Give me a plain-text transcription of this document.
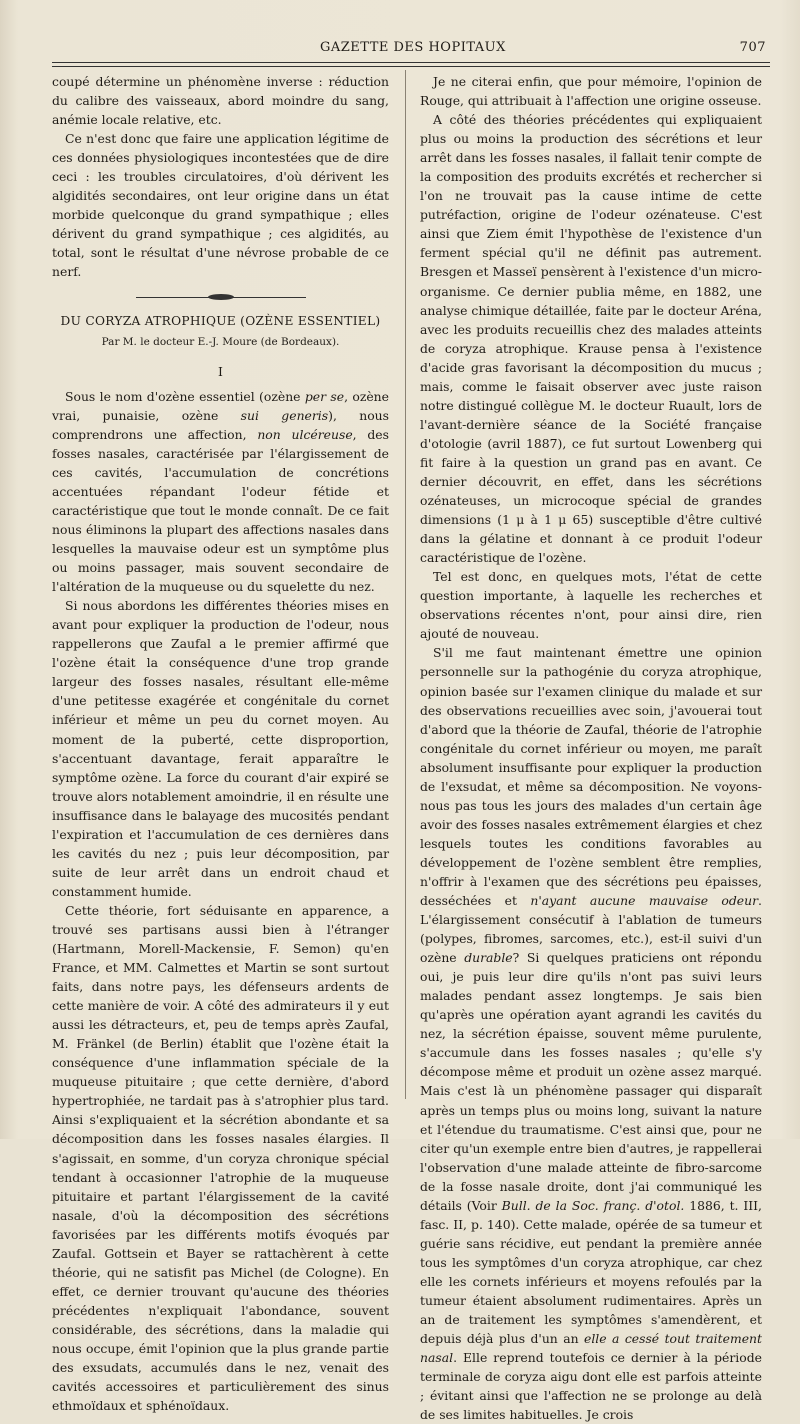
GAZETTE DES HOPITAUX	707

coupé détermine un phénomène inverse : réduction du calibre des vaisseaux, abord moindre du sang, anémie locale relative, etc.

Ce n'est donc que faire une application légitime de ces données physiologiques incontestées que de dire ceci : les troubles circulatoires, d'où dérivent les algidités secondaires, ont leur origine dans un état morbide quelconque du grand sympathique ; elles dérivent du grand sympathique ; ces algidités, au total, sont le résultat d'une névrose probable de ce nerf.

DU CORYZA ATROPHIQUE (OZÈNE ESSENTIEL)
Par M. le docteur E.-J. Moure (de Bordeaux).
I

Sous le nom d'ozène essentiel (ozène per se, ozène vrai, punaisie, ozène sui generis), nous comprendrons une affection, non ulcéreuse, des fosses nasales, caractérisée par l'élargissement de ces cavités, l'accumulation de concrétions accentuées répandant l'odeur fétide et caractéristique que tout le monde connaît. De ce fait nous éliminons la plupart des affections nasales dans lesquelles la mauvaise odeur est un symptôme plus ou moins passager, mais souvent secondaire de l'altération de la muqueuse ou du squelette du nez.

Si nous abordons les différentes théories mises en avant pour expliquer la production de l'odeur, nous rappellerons que Zaufal a le premier affirmé que l'ozène était la conséquence d'une trop grande largeur des fosses nasales, résultant elle-même d'une petitesse exagérée et congénitale du cornet inférieur et même un peu du cornet moyen. Au moment de la puberté, cette disproportion, s'accentuant davantage, ferait apparaître le symptôme ozène. La force du courant d'air expiré se trouve alors notablement amoindrie, il en résulte une insuffisance dans le balayage des mucosités pendant l'expiration et l'accumulation de ces dernières dans les cavités du nez ; puis leur décomposition, par suite de leur arrêt dans un endroit chaud et constamment humide.

Cette théorie, fort séduisante en apparence, a trouvé ses partisans aussi bien à l'étranger (Hartmann, Morell-Mackensie, F. Semon) qu'en France, et MM. Calmettes et Martin se sont surtout faits, dans notre pays, les défenseurs ardents de cette manière de voir. A côté des admirateurs il y eut aussi les détracteurs, et, peu de temps après Zaufal, M. Fränkel (de Berlin) établit que l'ozène était la conséquence d'une inflammation spéciale de la muqueuse pituitaire ; que cette dernière, d'abord hypertrophiée, ne tardait pas à s'atrophier plus tard. Ainsi s'expliquaient et la sécrétion abondante et sa décomposition dans les fosses nasales élargies. Il s'agissait, en somme, d'un coryza chronique spécial tendant à occasionner l'atrophie de la muqueuse pituitaire et partant l'élargissement de la cavité nasale, d'où la décomposition des sécrétions favorisées par les différents motifs évoqués par Zaufal. Gottsein et Bayer se rattachèrent à cette théorie, qui ne satisfit pas Michel (de Cologne). En effet, ce dernier trouvant qu'aucune des théories précédentes n'expliquait l'abondance, souvent considérable, des sécrétions, dans la maladie qui nous occupe, émit l'opinion que la plus grande partie des exsudats, accumulés dans le nez, venait des cavités accessoires et particulièrement des sinus ethmoïdaux et sphénoïdaux.

Je ne citerai enfin, que pour mémoire, l'opinion de Rouge, qui attribuait à l'affection une origine osseuse.

A côté des théories précédentes qui expliquaient plus ou moins la production des sécrétions et leur arrêt dans les fosses nasales, il fallait tenir compte de la composition des produits excrétés et rechercher si l'on ne trouvait pas la cause intime de cette putréfaction, origine de l'odeur ozénateuse. C'est ainsi que Ziem émit l'hypothèse de l'existence d'un ferment spécial qu'il ne définit pas autrement. Bresgen et Masseï pensèrent à l'existence d'un micro-organisme. Ce dernier publia même, en 1882, une analyse chimique détaillée, faite par le docteur Aréna, avec les produits recueillis chez des malades atteints de coryza atrophique. Krause pensa à l'existence d'acide gras favorisant la décomposition du mucus ; mais, comme le faisait observer avec juste raison notre distingué collègue M. le docteur Ruault, lors de l'avant-dernière séance de la Société française d'otologie (avril 1887), ce fut surtout Lowenberg qui fit faire à la question un grand pas en avant. Ce dernier découvrit, en effet, dans les sécrétions ozénateuses, un microcoque spécial de grandes dimensions (1 μ à 1 μ 65) susceptible d'être cultivé dans la gélatine et donnant à ce produit l'odeur caractéristique de l'ozène.

Tel est donc, en quelques mots, l'état de cette question importante, à laquelle les recherches et observations récentes n'ont, pour ainsi dire, rien ajouté de nouveau.

S'il me faut maintenant émettre une opinion personnelle sur la pathogénie du coryza atrophique, opinion basée sur l'examen clinique du malade et sur des observations recueillies avec soin, j'avouerai tout d'abord que la théorie de Zaufal, théorie de l'atrophie congénitale du cornet inférieur ou moyen, me paraît absolument insuffisante pour expliquer la production de l'exsudat, et même sa décomposition. Ne voyons-nous pas tous les jours des malades d'un certain âge avoir des fosses nasales extrêmement élargies et chez lesquels toutes les conditions favorables au développement de l'ozène semblent être remplies, n'offrir à l'examen que des sécrétions peu épaisses, desséchées et n'ayant aucune mauvaise odeur. L'élargissement consécutif à l'ablation de tumeurs (polypes, fibromes, sarcomes, etc.), est-il suivi d'un ozène durable? Si quelques praticiens ont répondu oui, je puis leur dire qu'ils n'ont pas suivi leurs malades pendant assez longtemps. Je sais bien qu'après une opération ayant agrandi les cavités du nez, la sécrétion épaisse, souvent même purulente, s'accumule dans les fosses nasales ; qu'elle s'y décompose même et produit un ozène assez marqué. Mais c'est là un phénomène passager qui disparaît après un temps plus ou moins long, suivant la nature et l'étendue du traumatisme. C'est ainsi que, pour ne citer qu'un exemple entre bien d'autres, je rappellerai l'observation d'une malade atteinte de fibro-sarcome de la fosse nasale droite, dont j'ai communiqué les détails (Voir Bull. de la Soc. franç. d'otol. 1886, t. III, fasc. II, p. 140). Cette malade, opérée de sa tumeur et guérie sans récidive, eut pendant la première année tous les symptômes d'un coryza atrophique, car chez elle les cornets inférieurs et moyens refoulés par la tumeur étaient absolument rudimentaires. Après un an de traitement les symptômes s'amendèrent, et depuis déjà plus d'un an elle a cessé tout traitement nasal. Elle reprend toutefois ce dernier à la période terminale de coryza aigu dont elle est parfois atteinte ; évitant ainsi que l'affection ne se prolonge au delà de ses limites habituelles. Je crois
